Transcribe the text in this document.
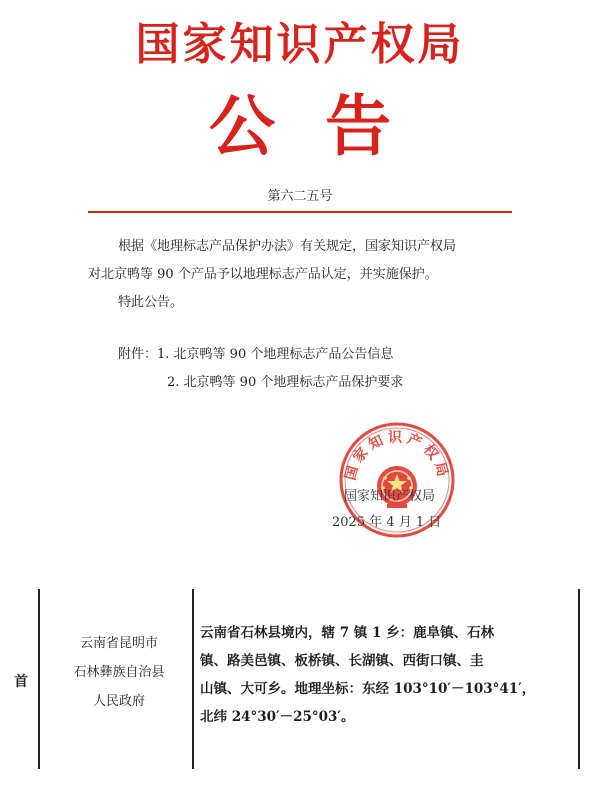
国家知识产权局
公告
第六二五号
根据《地理标志产品保护办法》有关规定，国家知识产权局
对北京鸭等 90 个产品予以地理标志产品认定，并实施保护。
特此公告。
附件：1. 北京鸭等 90 个地理标志产品公告信息
2. 北京鸭等 90 个地理标志产品保护要求
国家知识产权局
国家知识产权局
2025 年 4 月 1 日
首
云南省昆明市
石林彝族自治县
人民政府
云南省石林县境内，辖 7 镇 1 乡：鹿阜镇、石林
镇、路美邑镇、板桥镇、长湖镇、西街口镇、圭
山镇、大可乡。地理坐标：东经 103°10′－103°41′，
北纬 24°30′－25°03′。
